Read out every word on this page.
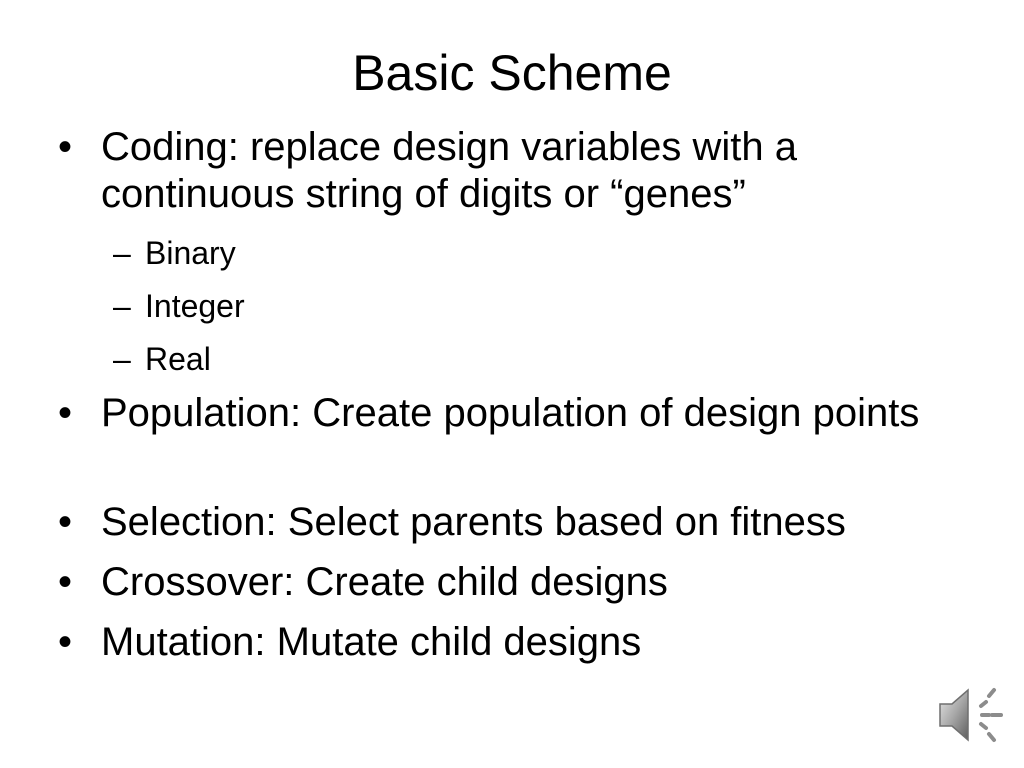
Basic Scheme
• Coding: replace design variables with a continuous string of digits or “genes”
– Binary
– Integer
– Real
• Population: Create population of design points
• Selection: Select parents based on fitness
• Crossover: Create child designs
• Mutation: Mutate child designs
